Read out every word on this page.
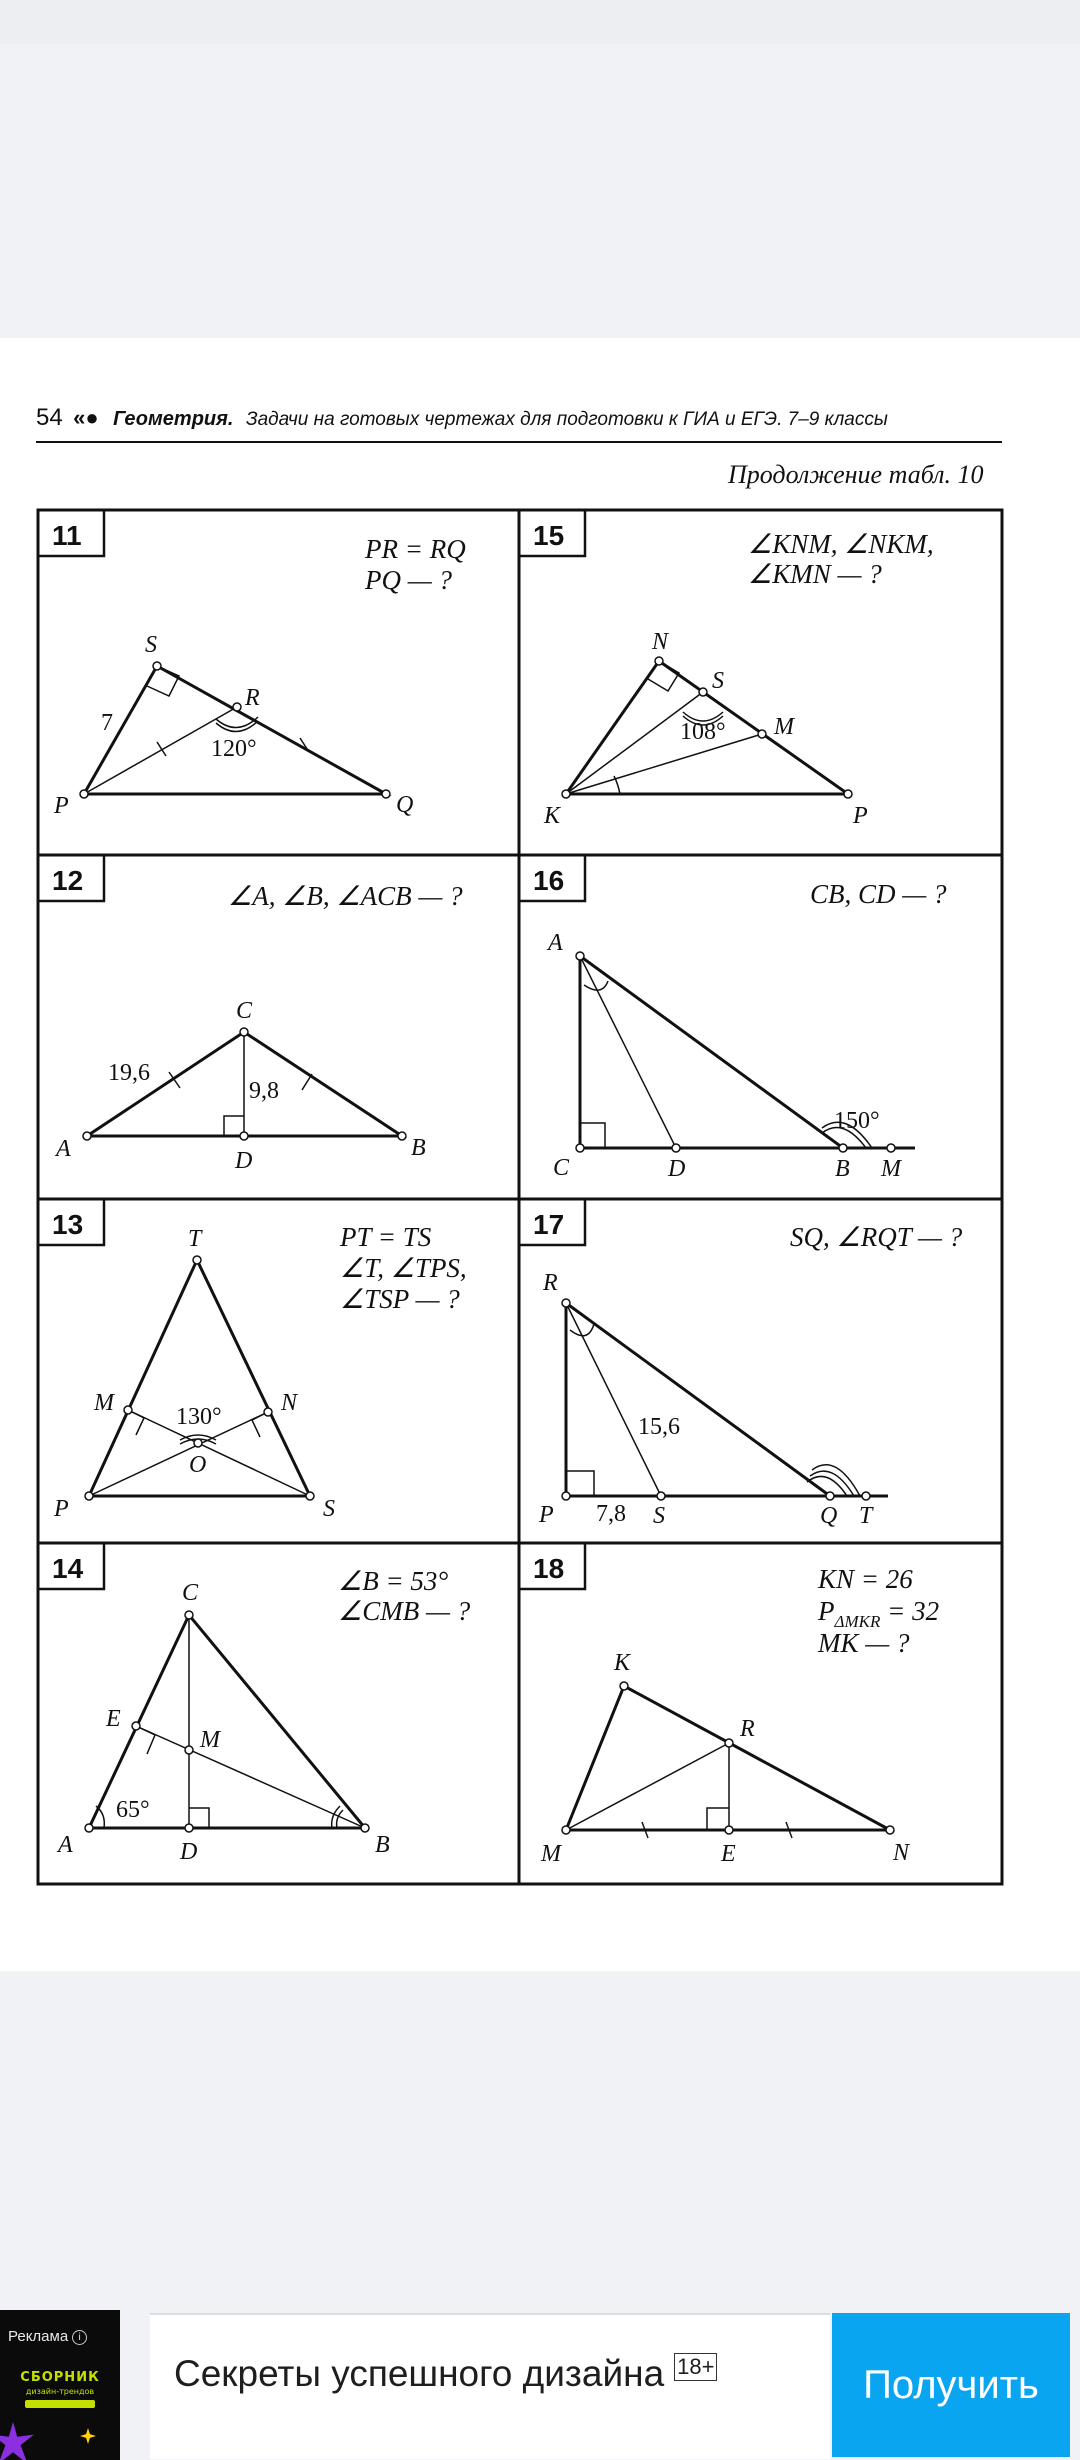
54 «● Геометрия. Задачи на готовых чертежах для подготовки к ГИА и ЕГЭ. 7–9 классы
Продолжение табл. 10
11
12
13
14
15
16
17
18
PR = RQ
PQ — ?
∠A, ∠B, ∠ACB — ?
PT = TS
∠T, ∠TPS,
∠TSP — ?
∠B = 53°
∠CMB — ?
∠KNM, ∠NKM,
∠KMN — ?
CB, CD — ?
SQ, ∠RQT — ?
KN = 26
$P_{\Delta MKR} = 32$
MK — ?
S
R
P	Q
7
120°
C
A	B
D
19,6
9,8
T
M	N
O
P	S
130°
C
E
M
A	D	B
65°
N
S
M
K	P
108°
A
C	D	B M
150°
R
P	S	Q T
15,6
7,8
K
R
M	E	N
Реклама i
СБОРНИК
дизайн-трендов	Секреты успешного дизайна 18+	Получить
